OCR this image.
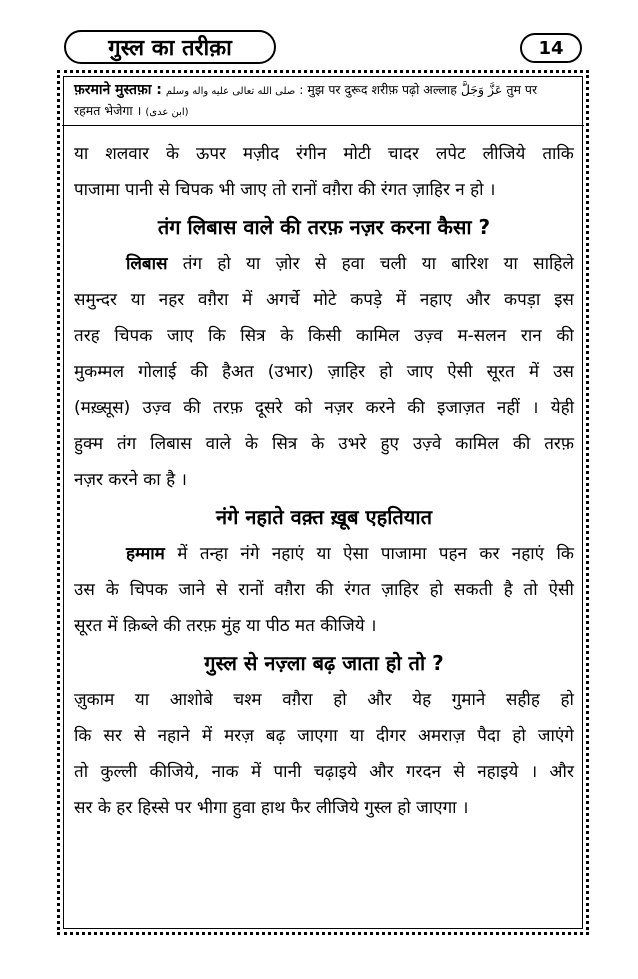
गुस्ल का तरीक़ा	14
फ़रमाने मुस्तफ़ा : صلى الله تعالى عليه واله وسلم : मुझ पर दुरूद शरीफ़ पढ़ो अल्लाह عَزَّ وَجَلَّ तुम पर
रहमत भेजेगा । (ابن عدی)
या शलवार के ऊपर मज़ीद रंगीन मोटी चादर लपेट लीजिये ताकि
पाजामा पानी से चिपक भी जाए तो रानों वग़ैरा की रंगत ज़ाहिर न हो ।
तंग लिबास वाले की तरफ़ नज़र करना कैसा ?
लिबास तंग हो या ज़ोर से हवा चली या बारिश या साहिले
समुन्दर या नहर वग़ैरा में अगर्चे मोटे कपड़े में नहाए और कपड़ा इस
तरह चिपक जाए कि सित्र के किसी कामिल उज़्व म-सलन रान की
मुकम्मल गोलाई की हैअत (उभार) ज़ाहिर हो जाए ऐसी सूरत में उस
(मख़्सूस) उज़्व की तरफ़ दूसरे को नज़र करने की इजाज़त नहीं । येही
हुक्म तंग लिबास वाले के सित्र के उभरे हुए उज़्वे कामिल की तरफ़
नज़र करने का है ।
नंगे नहाते वक़्त ख़ूब एहतियात
हम्माम में तन्हा नंगे नहाएं या ऐसा पाजामा पहन कर नहाएं कि
उस के चिपक जाने से रानों वग़ैरा की रंगत ज़ाहिर हो सकती है तो ऐसी
सूरत में क़िब्ले की तरफ़ मुंह या पीठ मत कीजिये ।
गुस्ल से नज़्ला बढ़ जाता हो तो ?
ज़ुकाम या आशोबे चश्म वग़ैरा हो और येह गुमाने सहीह हो
कि सर से नहाने में मरज़ बढ़ जाएगा या दीगर अमराज़ पैदा हो जाएंगे
तो कुल्ली कीजिये, नाक में पानी चढ़ाइये और गरदन से नहाइये । और
सर के हर हिस्से पर भीगा हुवा हाथ फैर लीजिये गुस्ल हो जाएगा ।
